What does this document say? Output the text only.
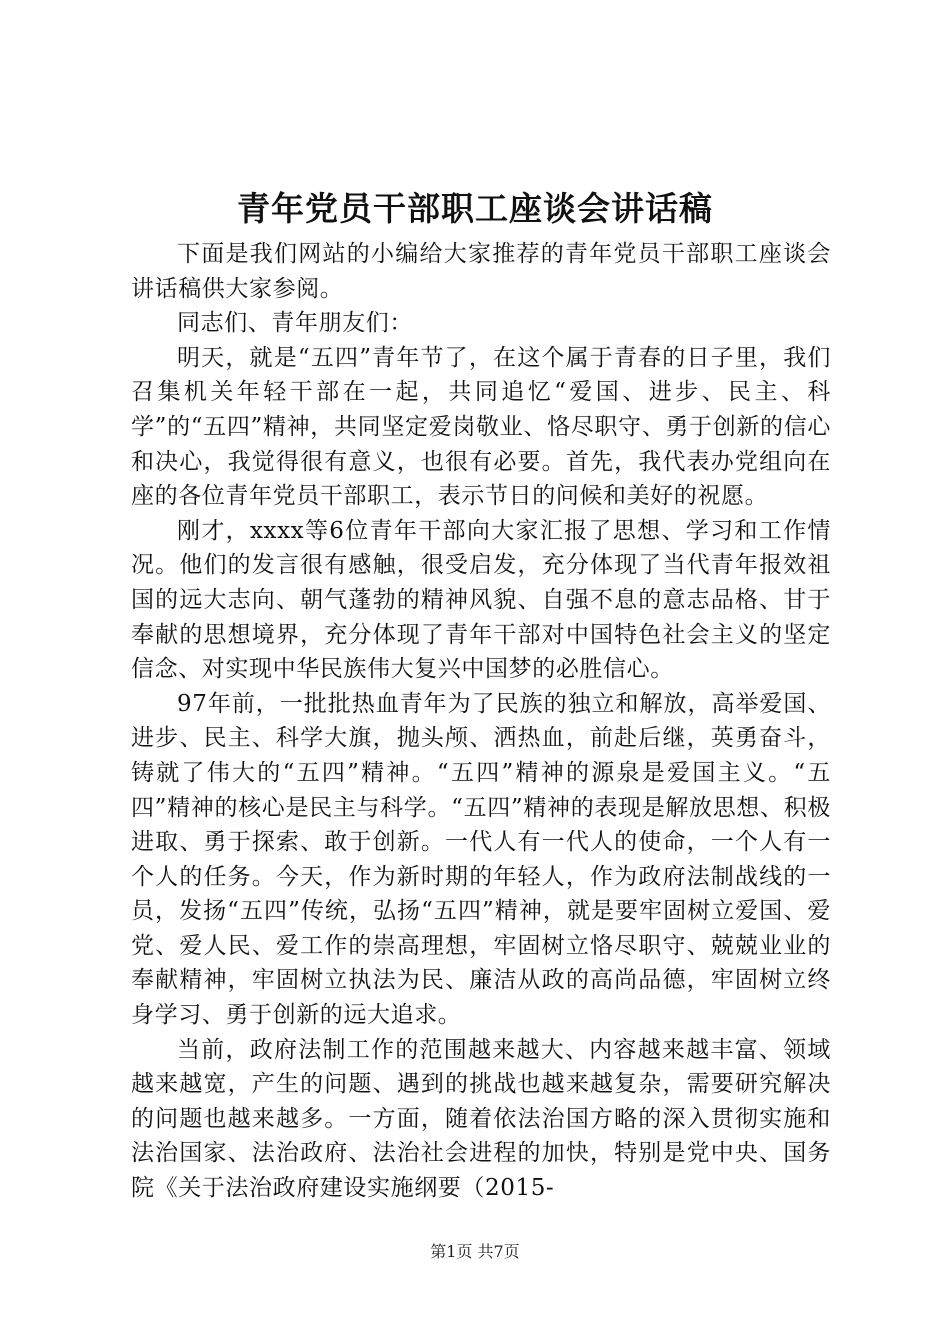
青年党员干部职工座谈会讲话稿

下面是我们网站的小编给大家推荐的青年党员干部职工座谈会讲话稿供大家参阅。

同志们、青年朋友们：

明天，就是“五四”青年节了，在这个属于青春的日子里，我们召集机关年轻干部在一起，共同追忆“爱国、进步、民主、科学”的“五四”精神，共同坚定爱岗敬业、恪尽职守、勇于创新的信心和决心，我觉得很有意义，也很有必要。首先，我代表办党组向在座的各位青年党员干部职工，表示节日的问候和美好的祝愿。

刚才，xxxx等6位青年干部向大家汇报了思想、学习和工作情况。他们的发言很有感触，很受启发，充分体现了当代青年报效祖国的远大志向、朝气蓬勃的精神风貌、自强不息的意志品格、甘于奉献的思想境界，充分体现了青年干部对中国特色社会主义的坚定信念、对实现中华民族伟大复兴中国梦的必胜信心。

97年前，一批批热血青年为了民族的独立和解放，高举爱国、进步、民主、科学大旗，抛头颅、洒热血，前赴后继，英勇奋斗，铸就了伟大的“五四”精神。“五四”精神的源泉是爱国主义。“五四”精神的核心是民主与科学。“五四”精神的表现是解放思想、积极进取、勇于探索、敢于创新。一代人有一代人的使命，一个人有一个人的任务。今天，作为新时期的年轻人，作为政府法制战线的一员，发扬“五四”传统，弘扬“五四”精神，就是要牢固树立爱国、爱党、爱人民、爱工作的崇高理想，牢固树立恪尽职守、兢兢业业的奉献精神，牢固树立执法为民、廉洁从政的高尚品德，牢固树立终身学习、勇于创新的远大追求。

当前，政府法制工作的范围越来越大、内容越来越丰富、领域越来越宽，产生的问题、遇到的挑战也越来越复杂，需要研究解决的问题也越来越多。一方面，随着依法治国方略的深入贯彻实施和法治国家、法治政府、法治社会进程的加快，特别是党中央、国务院《关于法治政府建设实施纲要（2015-

第1页 共7页
